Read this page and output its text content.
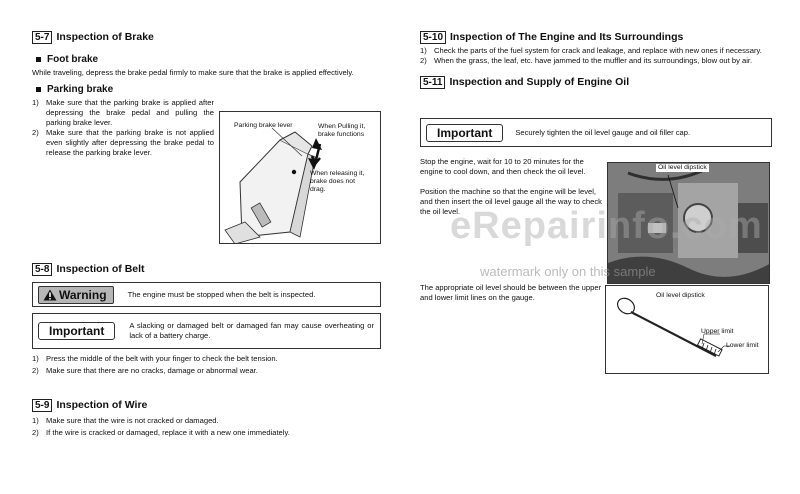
5-7 Inspection of Brake
Foot brake
While traveling, depress the brake pedal firmly to make sure that the brake is applied effectively.
Parking brake
1) Make sure that the parking brake is applied after depressing the brake pedal and pulling the parking brake lever.
2) Make sure that the parking brake is not applied even slightly after depressing the brake pedal to release the parking brake lever.
Parking brake lever	When Pulling it, brake functions
When releasing it, brake does not drag.
5-8 Inspection of Belt
Warning	The engine must be stopped when the belt is inspected.
Important	A slacking or damaged belt or damaged fan may cause overheating or lack of a battery charge.
1) Press the middle of the belt with your finger to check the belt tension.
2) Make sure that there are no cracks, damage or abnormal wear.
5-9 Inspection of Wire
1) Make sure that the wire is not cracked or damaged.
2) If the wire is cracked or damaged, replace it with a new one immediately.
5-10 Inspection of The Engine and Its Surroundings
1) Check the parts of the fuel system for crack and leakage, and replace with new ones if necessary.
2) When the grass, the leaf, etc. have jammed to the muffler and its surroundings, blow out by air.
5-11 Inspection and Supply of Engine Oil
Important	Securely tighten the oil level gauge and oil filler cap.
Stop the engine, wait for 10 to 20 minutes for the engine to cool down, and then check the oil level.
Position the machine so that the engine will be level, and then insert the oil level gauge all the way to check the oil level.
Oil level dipstick
The appropriate oil level should be between the upper and lower limit lines on the gauge.	Oil level dipstick
Upper limit
Lower limit
eRepairinfo.com
watermark only on this sample
